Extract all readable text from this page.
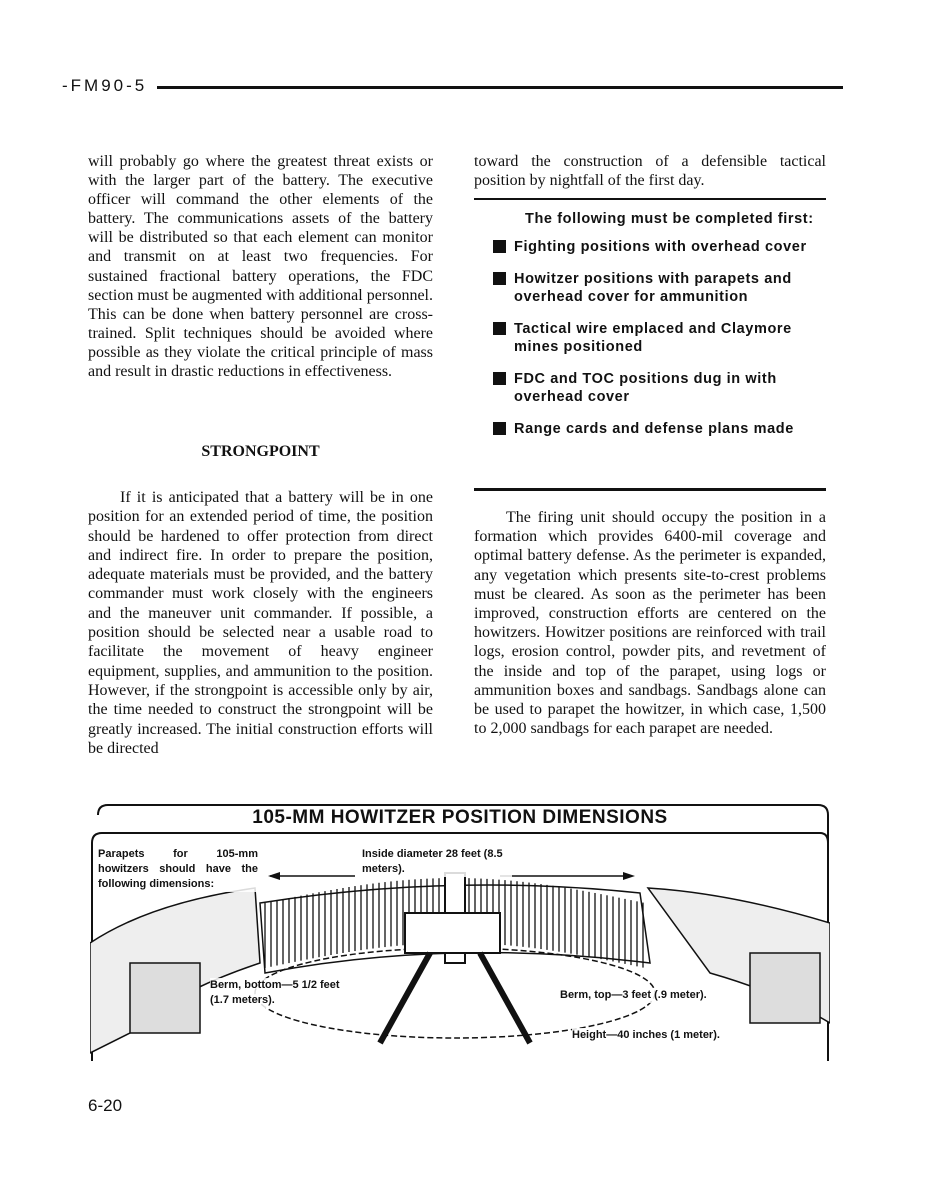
-FM90-5

will probably go where the greatest threat exists or with the larger part of the battery. The executive officer will command the other elements of the battery. The communications assets of the battery will be distributed so that each element can monitor and transmit on at least two frequencies. For sustained fractional battery operations, the FDC section must be augmented with additional personnel. This can be done when battery personnel are cross-trained. Split techniques should be avoided where possible as they violate the critical principle of mass and result in drastic reductions in effectiveness.

STRONGPOINT

If it is anticipated that a battery will be in one position for an extended period of time, the position should be hardened to offer protection from direct and indirect fire. In order to prepare the position, adequate materials must be provided, and the battery commander must work closely with the engineers and the maneuver unit commander. If possible, a position should be selected near a usable road to facilitate the movement of heavy engineer equipment, supplies, and ammunition to the position. However, if the strongpoint is accessible only by air, the time needed to construct the strongpoint will be greatly increased. The initial construction efforts will be directed

toward the construction of a defensible tactical position by nightfall of the first day.

The following must be completed first:
Fighting positions with overhead cover
Howitzer positions with parapets and overhead cover for ammunition
Tactical wire emplaced and Claymore mines positioned
FDC and TOC positions dug in with overhead cover
Range cards and defense plans made

The firing unit should occupy the position in a formation which provides 6400-mil coverage and optimal battery defense. As the perimeter is expanded, any vegetation which presents site-to-crest problems must be cleared. As soon as the perimeter has been improved, construction efforts are centered on the howitzers. Howitzer positions are reinforced with trail logs, erosion control, powder pits, and revetment of the inside and top of the parapet, using logs or ammunition boxes and sandbags. Sandbags alone can be used to parapet the howitzer, in which case, 1,500 to 2,000 sandbags for each parapet are needed.

105-MM HOWITZER POSITION DIMENSIONS
Parapets for 105-mm howitzers should have the following dimensions:
Inside diameter 28 feet (8.5 meters).
Berm, bottom—5 1/2 feet (1.7 meters).	Berm, top—3 feet (.9 meter).
Height—40 inches (1 meter).
6-20
